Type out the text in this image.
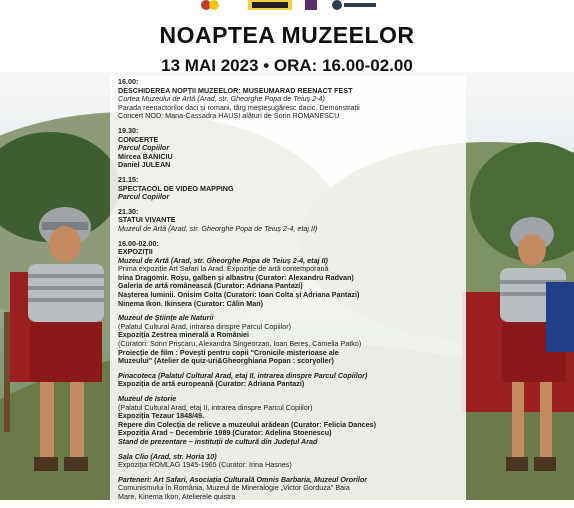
NOAPTEA MUZEELOR
13 MAI 2023 • ORA: 16.00-02.00
16.00:
DESCHIDEREA NOPȚII MUZEELOR: MUSEUMARAD REENACT FEST
Curtea Muzeului de Artă (Arad, str. Gheorghe Popa de Teiuș 2-4)
Parada reenactorilor daci și romani, târg meșteșugăresc dacic, Demonstrații
Concert NOD: Mana-Cassadra HAUȘI alături de Sorin ROMANESCU
19.30:
CONCERTE
Parcul Copiilor
Mircea BANICIU
Daniel JULEAN
21.15:
SPECTACOL DE VIDEO MAPPING
Parcul Copiilor
21.30:
STATUI VIVANTE
Muzeul de Artă (Arad, str. Gheorghe Popa de Teiuș 2-4, etaj II)
16.00-02.00:
EXPOZIȚII
Muzeul de Artă (Arad, str. Gheorghe Popa de Teiuș 2-4, etaj II)
Prima expoziție Art Safari la Arad. Expoziție de artă contemporană
Irina Dragomir. Roșu, galben și albastru (Curator: Alexandru Radvan)
Galeria de artă românească (Curator: Adriana Pantazi)
Nașterea luminii. Onisim Colta (Curatori: Ioan Colta și Adriana Pantazi)
Ninema Ikon. Ikinsera (Curator: Călin Man)
Muzeul de Științe ale Naturii
(Palatul Cultural Arad, intrarea dinspre Parcul Copiilor)
Expoziția Zestrea mineralǎ a României
(Curatori: Sorin Prișcaru, Alexandra Singeorzan, Ioan Bereș, Camelia Patko)
Proiecție de film : Povești pentru copii "Cronicile misterioase ale
Muzeului" (Atelier de quiz-uri&Gheorghiana Popan : scoryoller)
Pinacoteca (Palatul Cultural Arad, etaj II, intrarea dinspre Parcul Copiilor)
Expoziția de artă europeană (Curator: Adriana Pantazi)
Muzeul de Istorie
(Palatul Cultural Arad, etaj II, intrarea dinspre Parcul Copiilor)
Expoziția Tezaur 1848/49.
Repere din Colecția de relicve a muzeului arădean (Curator: Felicia Dances)
Expoziția Arad – Decembrie 1989 (Curator: Adelina Stoenescu)
Stand de prezentare – instituții de cultură din Județul Arad
Sala Clio (Arad, str. Horia 10)
Expoziția ROMLAG 1945-1965 (Curator: Irina Hasnes)
Parteneri: Art Safari, Asociația Culturală Omnis Barbaria, Muzeul Ororilor
Comunismului în România, Muzeul de Mineralogie „Victor Gorduza" Baia
Mare, Kinema Ikon, Atelierele quistra
